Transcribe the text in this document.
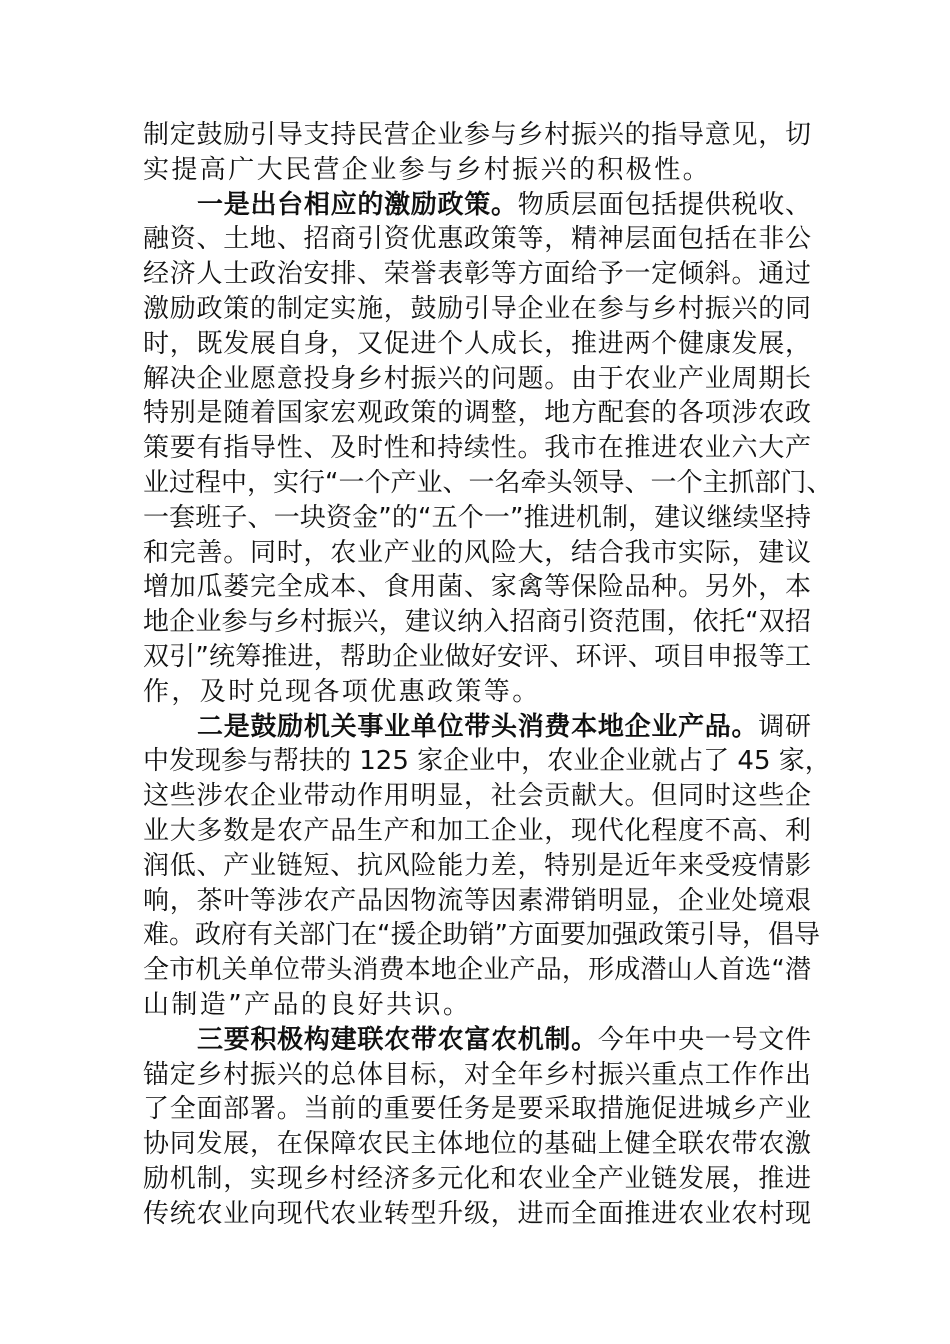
制定鼓励引导支持民营企业参与乡村振兴的指导意见，切
实提高广大民营企业参与乡村振兴的积极性。
一是出台相应的激励政策。物质层面包括提供税收、
融资、土地、招商引资优惠政策等，精神层面包括在非公
经济人士政治安排、荣誉表彰等方面给予一定倾斜。通过
激励政策的制定实施，鼓励引导企业在参与乡村振兴的同
时，既发展自身，又促进个人成长，推进两个健康发展，
解决企业愿意投身乡村振兴的问题。由于农业产业周期长
特别是随着国家宏观政策的调整，地方配套的各项涉农政
策要有指导性、及时性和持续性。我市在推进农业六大产
业过程中，实行“一个产业、一名牵头领导、一个主抓部门、
一套班子、一块资金”的“五个一”推进机制，建议继续坚持
和完善。同时，农业产业的风险大，结合我市实际，建议
增加瓜蒌完全成本、食用菌、家禽等保险品种。另外，本
地企业参与乡村振兴，建议纳入招商引资范围，依托“双招
双引”统筹推进，帮助企业做好安评、环评、项目申报等工
作，及时兑现各项优惠政策等。
二是鼓励机关事业单位带头消费本地企业产品。调研
中发现参与帮扶的 125 家企业中，农业企业就占了 45 家，
这些涉农企业带动作用明显，社会贡献大。但同时这些企
业大多数是农产品生产和加工企业，现代化程度不高、利
润低、产业链短、抗风险能力差，特别是近年来受疫情影
响，茶叶等涉农产品因物流等因素滞销明显，企业处境艰
难。政府有关部门在“援企助销”方面要加强政策引导，倡导
全市机关单位带头消费本地企业产品，形成潜山人首选“潜
山制造”产品的良好共识。
三要积极构建联农带农富农机制。今年中央一号文件
锚定乡村振兴的总体目标，对全年乡村振兴重点工作作出
了全面部署。当前的重要任务是要采取措施促进城乡产业
协同发展，在保障农民主体地位的基础上健全联农带农激
励机制，实现乡村经济多元化和农业全产业链发展，推进
传统农业向现代农业转型升级，进而全面推进农业农村现
